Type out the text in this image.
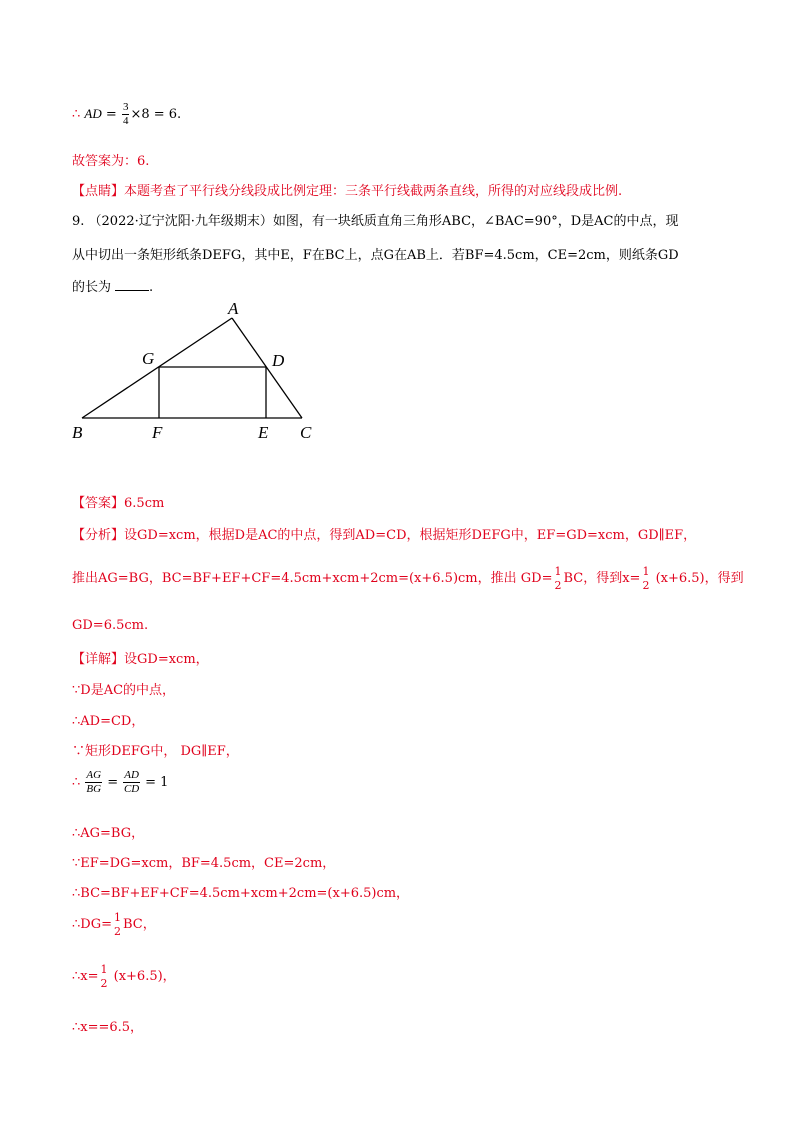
∴ AD = $\frac{3}{4} \times 8 = 6$.
故答案为：6.
【点睛】本题考查了平行线分线段成比例定理：三条平行线截两条直线，所得的对应线段成比例.
9. （2022·辽宁沈阳·九年级期末）如图，有一块纸质直角三角形ABC，∠BAC=90°，D是AC的中点，现
从中切出一条矩形纸条DEFG，其中E，F在BC上，点G在AB上．若BF=4.5cm，CE=2cm，则纸条GD
的长为	.
A
G	D
B	F	E C
【答案】6.5cm
【分析】设GD=xcm，根据D是AC的中点，得到AD=CD，根据矩形DEFG中，EF=GD=xcm，GD∥EF，
推出AG=BG，BC=BF+EF+CF=4.5cm+xcm+2cm=(x+6.5)cm，推出 GD= 1
2 BC，得到x= 1
2 (x+6.5)，得到
GD=6.5cm.
【详解】设GD=xcm，
∵D是AC的中点，
∴AD=CD，
∵矩形DEFG中， DG∥EF，
∴ $\frac{AG}{BG} = \frac{AD}{CD} = 1$
∴AG=BG，
∵EF=DG=xcm，BF=4.5cm，CE=2cm，
∴BC=BF+EF+CF=4.5cm+xcm+2cm=(x+6.5)cm，
∴DG= 1
2 BC，
∴x= 1
2 (x+6.5)，
∴x==6.5，
